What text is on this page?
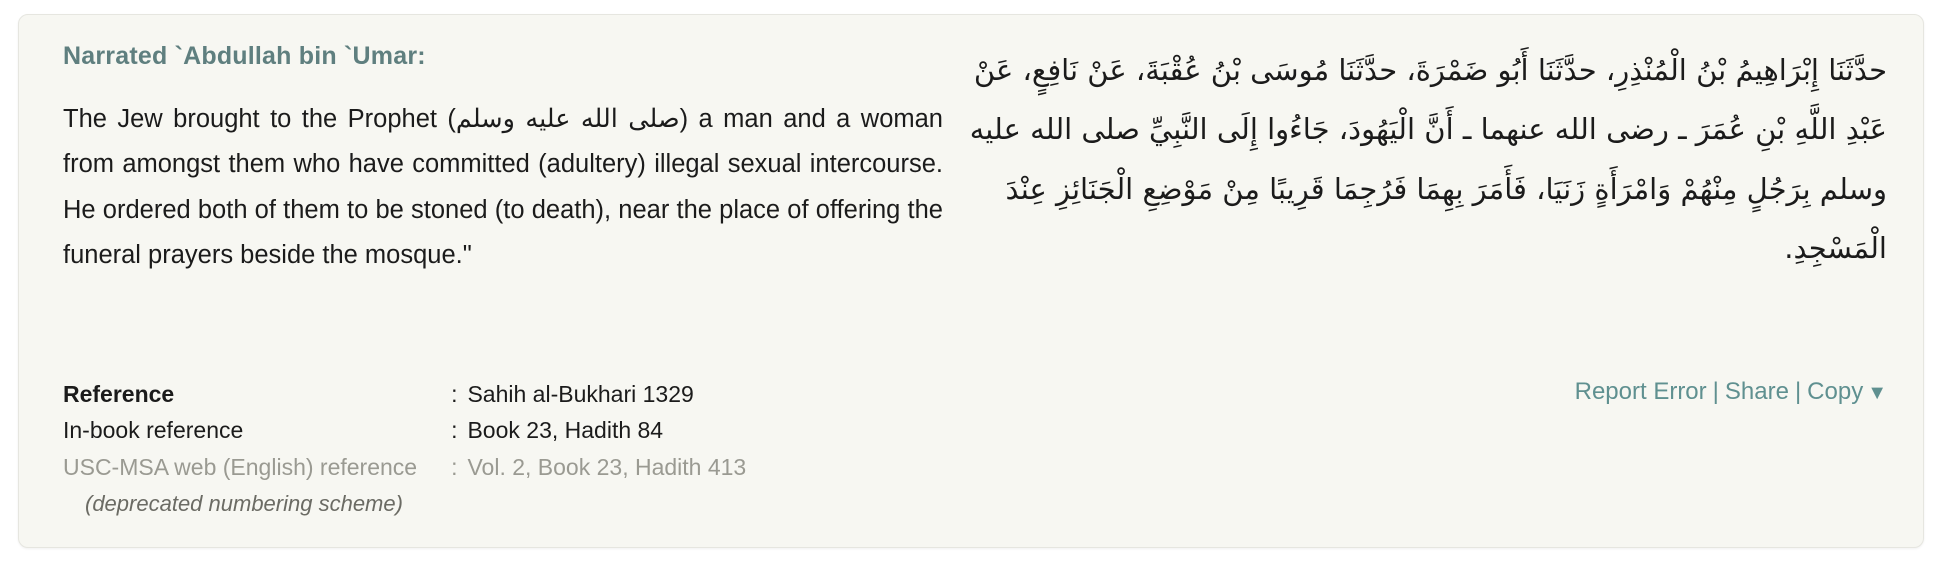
Narrated `Abdullah bin `Umar:

The Jew brought to the Prophet (صلى الله عليه وسلم) a man and a woman from amongst them who have committed (adultery) illegal sexual intercourse. He ordered both of them to be stoned (to death), near the place of offering the funeral prayers beside the mosque."

حدَّثَنَا إِبْرَاهِيمُ بْنُ الْمُنْذِرِ، حدَّثَنَا أَبُو ضَمْرَةَ، حدَّثَنَا مُوسَى بْنُ عُقْبَةَ، عَنْ نَافِعٍ، عَنْ عَبْدِ اللَّهِ بْنِ عُمَرَ ـ رضى الله عنهما ـ أَنَّ الْيَهُودَ، جَاءُوا إِلَى النَّبِيِّ صلى الله عليه وسلم بِرَجُلٍ مِنْهُمْ وَامْرَأَةٍ زَنَيَا، فَأَمَرَ بِهِمَا فَرُجِمَا قَرِيبًا مِنْ مَوْضِعِ الْجَنَائِزِ عِنْدَ الْمَسْجِدِ.

Reference	:	Sahih al-Bukhari 1329
In-book reference	:	Book 23, Hadith 84
USC-MSA web (English) reference	:	Vol. 2, Book 23, Hadith 413
(deprecated numbering scheme)		
Report Error | Share | Copy ▼
